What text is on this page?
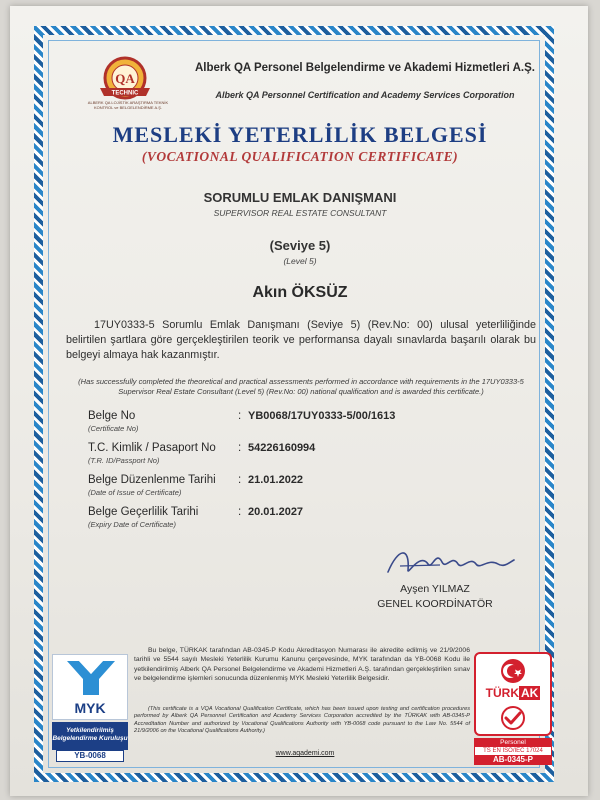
QA
TECHNIC
ALBERK QA LOJİSTİK ARAŞTIRMA TEKNİK KONTROL ve BELGELENDİRME A.Ş.
Alberk QA Personel Belgelendirme ve Akademi Hizmetleri A.Ş.
Alberk QA Personnel Certification and Academy Services Corporation
MESLEKİ YETERLİLİK BELGESİ
(VOCATIONAL QUALIFICATION CERTIFICATE)
SORUMLU EMLAK DANIŞMANI
SUPERVISOR REAL ESTATE CONSULTANT
(Seviye 5)
(Level 5)
Akın ÖKSÜZ
17UY0333-5 Sorumlu Emlak Danışmanı (Seviye 5) (Rev.No: 00) ulusal yeterliliğinde belirtilen şartlara göre gerçekleştirilen teorik ve performansa dayalı sınavlarda başarılı olarak bu belgeyi almaya hak kazanmıştır.
(Has successfully completed the theoretical and practical assessments performed in accordance with requirements in the 17UY0333-5 Supervisor Real Estate Consultant (Level 5) (Rev.No: 00) national qualification and is awarded this certificate.)
Belge No
(Certificate No)
: YB0068/17UY0333-5/00/1613
T.C. Kimlik / Pasaport No
(T.R. ID/Passport No)
: 54226160994
Belge Düzenlenme Tarihi
(Date of Issue of Certificate)
: 21.01.2022
Belge Geçerlilik Tarihi
(Expiry Date of Certificate)
: 20.01.2027
Ayşen YILMAZ
GENEL KOORDİNATÖR
MYK
Yetkilendirilmiş
Belgelendirme Kuruluşu
YB-0068
Bu belge, TÜRKAK tarafından AB-0345-P Kodu Akreditasyon Numarası ile akredite edilmiş ve 21/9/2006 tarihli ve 5544 sayılı Mesleki Yeterlilik Kurumu Kanunu çerçevesinde, MYK tarafından da YB-0068 Kodu ile yetkilendirilmiş Alberk QA Personel Belgelendirme ve Akademi Hizmetleri A.Ş. tarafından gerçekleştirilen sınav ve belgelendirme işlemleri sonucunda düzenlenmiş MYK Mesleki Yeterlilik Belgesidir.
(This certificate is a VQA Vocational Qualification Certificate, which has been issued upon testing and certification procedures performed by Alberk QA Personnel Certification and Academy Services Corporation accredited by the TÜRKAK with AB-0345-P Accreditation Number and authorized by Vocational Qualifications Authority with YB-0068 code pursuant to the Law No. 5544 of 21/9/2006 on the Vocational Qualifications Authority.)
www.aqademi.com
TÜRK AK
Personel
TS EN ISO/IEC 17024
AB-0345-P
